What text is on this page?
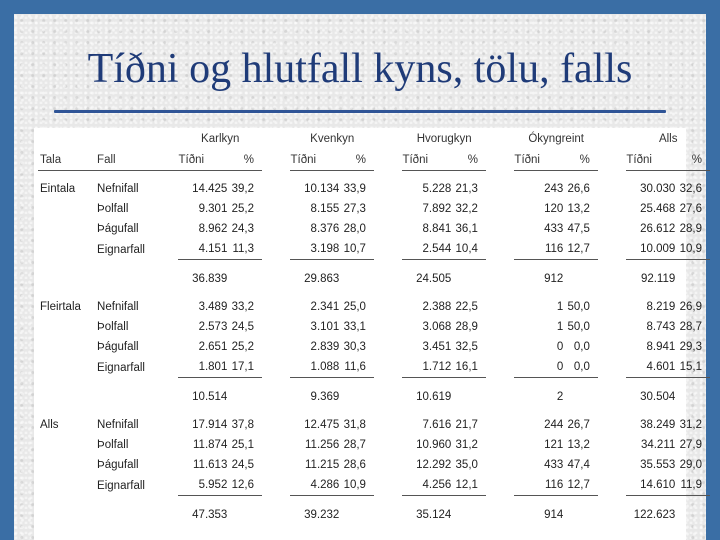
Tíðni og hlutfall kyns, tölu, falls
		Karlkyn			Kvenkyn			Hvorugkyn			Ókyngreint			Alls	
Tala	Fall	Tíðni	%		Tíðni	%		Tíðni	%		Tíðni	%		Tíðni	%

Eintala	Nefnifall	14.425	39,2		10.134	33,9		5.228	21,3		243	26,6		30.030	32,6
	Þolfall	9.301	25,2		8.155	27,3		7.892	32,2		120	13,2		25.468	27,6
	Þágufall	8.962	24,3		8.376	28,0		8.841	36,1		433	47,5		26.612	28,9
	Eignarfall	4.151	11,3		3.198	10,7		2.544	10,4		116	12,7		10.009	10,9

		36.839			29.863			24.505			912			92.119	

Fleirtala	Nefnifall	3.489	33,2		2.341	25,0		2.388	22,5		1	50,0		8.219	26,9
	Þolfall	2.573	24,5		3.101	33,1		3.068	28,9		1	50,0		8.743	28,7
	Þágufall	2.651	25,2		2.839	30,3		3.451	32,5		0	0,0		8.941	29,3
	Eignarfall	1.801	17,1		1.088	11,6		1.712	16,1		0	0,0		4.601	15,1

		10.514			9.369			10.619			2			30.504	

Alls	Nefnifall	17.914	37,8		12.475	31,8		7.616	21,7		244	26,7		38.249	31,2
	Þolfall	11.874	25,1		11.256	28,7		10.960	31,2		121	13,2		34.211	27,9
	Þágufall	11.613	24,5		11.215	28,6		12.292	35,0		433	47,4		35.553	29,0
	Eignarfall	5.952	12,6		4.286	10,9		4.256	12,1		116	12,7		14.610	11,9

		47.353			39.232			35.124			914			122.623	
